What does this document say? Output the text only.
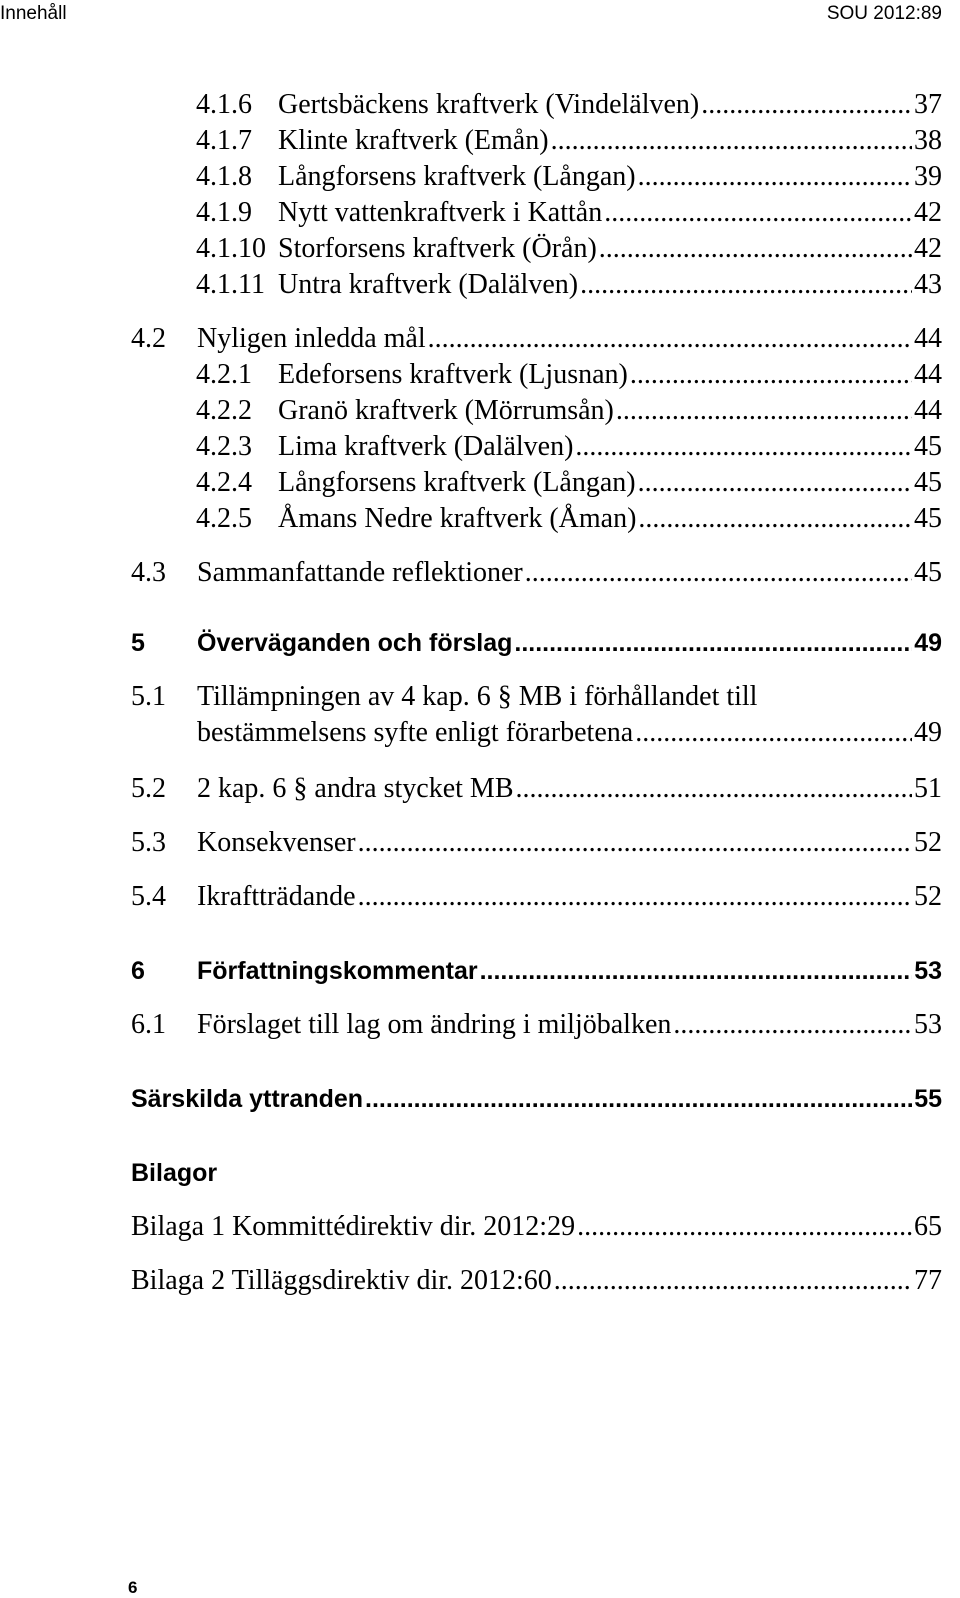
Innehåll	SOU 2012:89
4.1.6 Gertsbäckens kraftverk (Vindelälven) .....	37
4.1.7 Klinte kraftverk (Emån) .....	38
4.1.8 Långforsens kraftverk (Långan) .....	39
4.1.9 Nytt vattenkraftverk i Kattån .....	42
4.1.10 Storforsens kraftverk (Örån) .....	42
4.1.11 Untra kraftverk (Dalälven) .....	43
4.2	Nyligen inledda mål .....	44
4.2.1 Edeforsens kraftverk (Ljusnan) .....	44
4.2.2 Granö kraftverk (Mörrumsån) .....	44
4.2.3 Lima kraftverk (Dalälven) .....	45
4.2.4 Långforsens kraftverk (Långan) .....	45
4.2.5 Åmans Nedre kraftverk (Åman) .....	45
4.3	Sammanfattande reflektioner .....	45
5	Överväganden och förslag .....	49
5.1 Tillämpningen av 4 kap. 6 § MB i förhållandet till
bestämmelsens syfte enligt förarbetena .....	49
5.2	2 kap. 6 § andra stycket MB .....	51
5.3	Konsekvenser .....	52
5.4	Ikraftträdande .....	52
6	Författningskommentar .....	53
6.1	Förslaget till lag om ändring i miljöbalken .....	53
Särskilda yttranden .....	55
Bilagor
Bilaga 1 Kommittédirektiv dir. 2012:29 .....	65
Bilaga 2 Tilläggsdirektiv dir. 2012:60 .....	77
6
